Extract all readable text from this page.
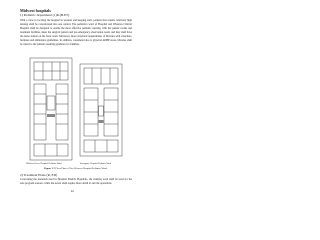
Midwest hospitals
1) Pediatric department (1)R.(B.ET)
With a view to locating the hospital in western and keeping staff, patients that require relatively high nursing shall be concentrated into one central. The pediatrics ward of Hospital and Wheaton Clinical Hospital shall be designed to enable the most effective pediatric nursing, with the patient rooms and treatment facilities, inner the surgical pattern and pre-emergency observation room, and they shall have the nurse station on the front room. Moreover, more structural requirements of libraries with stretchers, furniture and ambulance guidelines. In addition, considered also is physical ADHP areas, libraries shall be raised to the patients resulting guidance for families.
Wheaton Grove Hospital Pediatric Ward	Scarsgrave Hospital Pediatric Ward
Figure 3.7 Floor Plan of Two Western Hospital Pediatric Ward
2) Treatment Plans (R, ED)
Concerning the materials used in Hospital Shield's Hospitals, the existing ward shall be used for the sole program reasons, while the newer shall require more detail to suit the operations.
44
